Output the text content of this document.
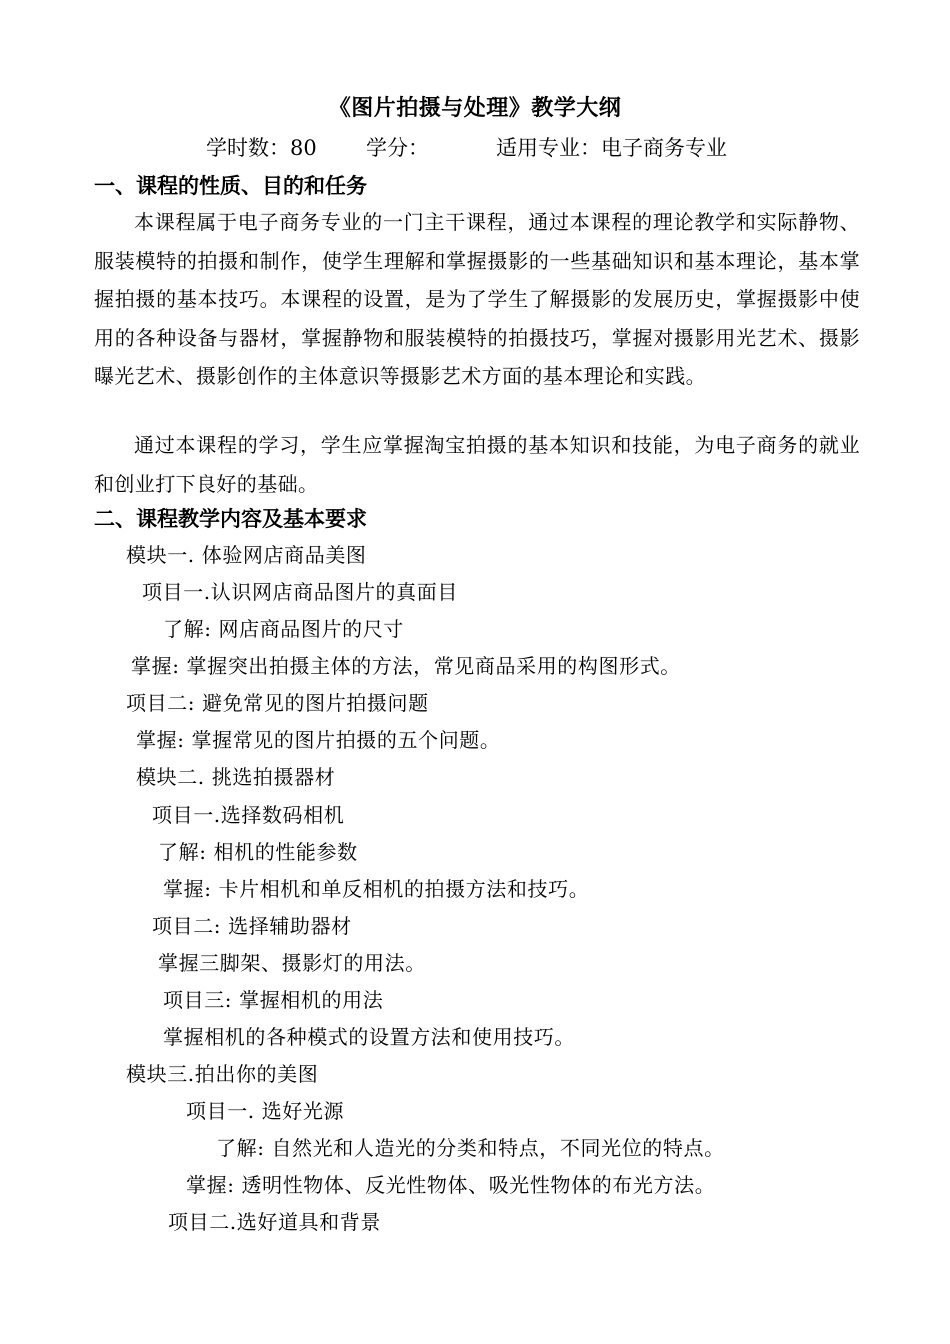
《图片拍摄与处理》教学大纲
学时数：80 学分：	适用专业：电子商务专业
一、课程的性质、目的和任务
本课程属于电子商务专业的一门主干课程，通过本课程的理论教学和实际静物、服装模特的拍摄和制作，使学生理解和掌握摄影的一些基础知识和基本理论，基本掌握拍摄的基本技巧。本课程的设置，是为了学生了解摄影的发展历史，掌握摄影中使用的各种设备与器材，掌握静物和服装模特的拍摄技巧，掌握对摄影用光艺术、摄影曝光艺术、摄影创作的主体意识等摄影艺术方面的基本理论和实践。
通过本课程的学习，学生应掌握淘宝拍摄的基本知识和技能，为电子商务的就业和创业打下良好的基础。
二、课程教学内容及基本要求
模块一. 体验网店商品美图
项目一.认识网店商品图片的真面目
了解: 网店商品图片的尺寸
掌握: 掌握突出拍摄主体的方法，常见商品采用的构图形式。
项目二: 避免常见的图片拍摄问题
掌握: 掌握常见的图片拍摄的五个问题。
模块二. 挑选拍摄器材
项目一.选择数码相机
了解: 相机的性能参数
掌握: 卡片相机和单反相机的拍摄方法和技巧。
项目二: 选择辅助器材
掌握三脚架、摄影灯的用法。
项目三: 掌握相机的用法
掌握相机的各种模式的设置方法和使用技巧。
模块三.拍出你的美图
项目一. 选好光源
了解: 自然光和人造光的分类和特点，不同光位的特点。
掌握: 透明性物体、反光性物体、吸光性物体的布光方法。
项目二.选好道具和背景
